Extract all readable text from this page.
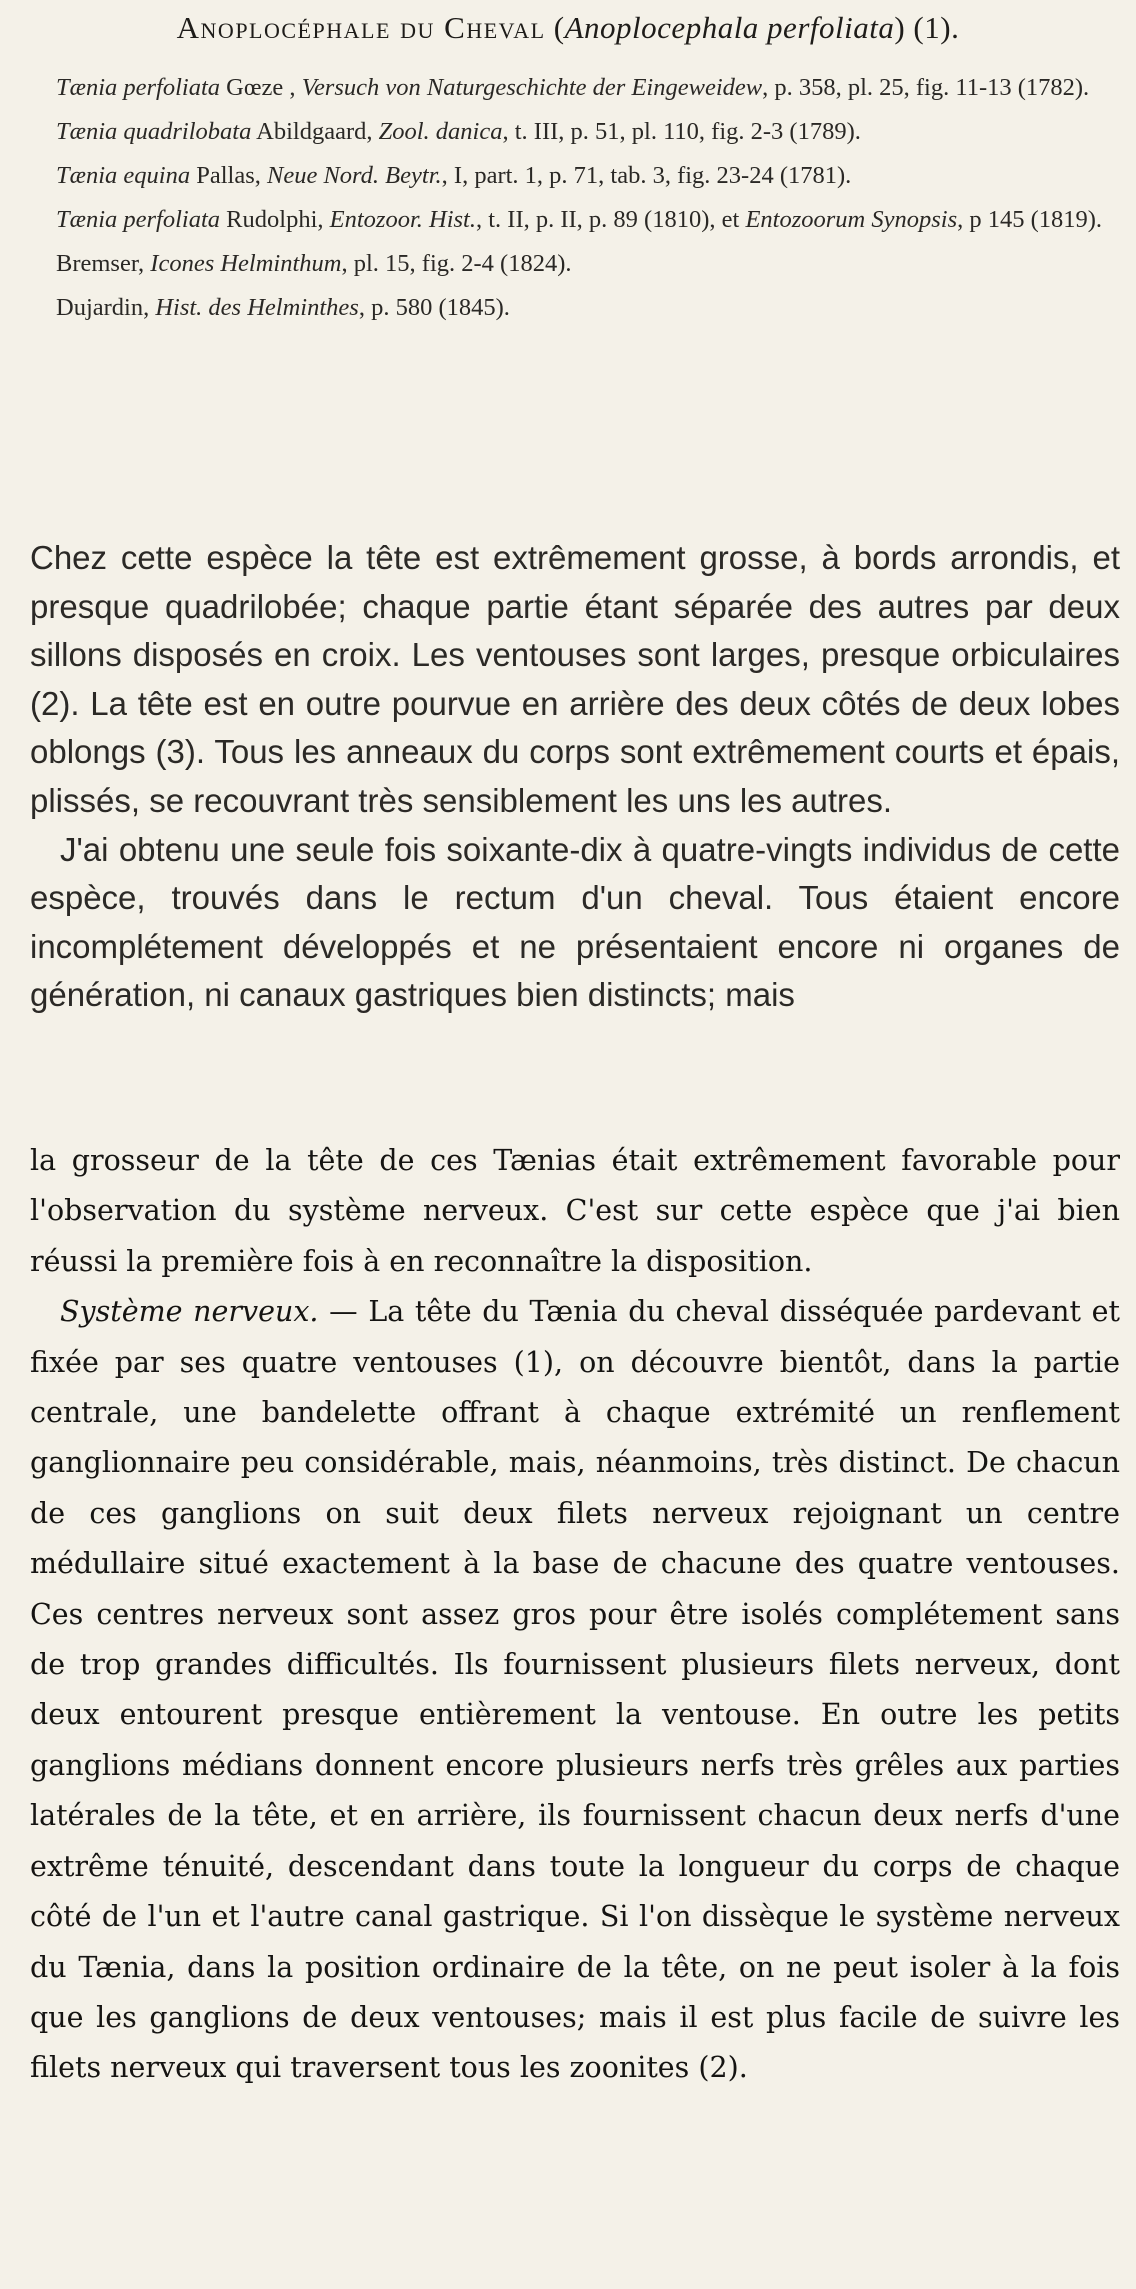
Anoplocéphale du Cheval (Anoplocephala perfoliata) (1).

Tænia perfoliata Gœze , Versuch von Naturgeschichte der Eingeweidew, p. 358, pl. 25, fig. 11-13 (1782).

Tænia quadrilobata Abildgaard, Zool. danica, t. III, p. 51, pl. 110, fig. 2-3 (1789).

Tænia equina Pallas, Neue Nord. Beytr., I, part. 1, p. 71, tab. 3, fig. 23-24 (1781).

Tænia perfoliata Rudolphi, Entozoor. Hist., t. II, p. II, p. 89 (1810), et Entozoorum Synopsis, p 145 (1819).

Bremser, Icones Helminthum, pl. 15, fig. 2-4 (1824).

Dujardin, Hist. des Helminthes, p. 580 (1845).

Chez cette espèce la tête est extrêmement grosse, à bords arrondis, et presque quadrilobée; chaque partie étant séparée des autres par deux sillons disposés en croix. Les ventouses sont larges, presque orbiculaires (2). La tête est en outre pourvue en arrière des deux côtés de deux lobes oblongs (3). Tous les anneaux du corps sont extrêmement courts et épais, plissés, se recouvrant très sensiblement les uns les autres.

J'ai obtenu une seule fois soixante-dix à quatre-vingts individus de cette espèce, trouvés dans le rectum d'un cheval. Tous étaient encore incomplétement développés et ne présentaient encore ni organes de génération, ni canaux gastriques bien distincts; mais

la grosseur de la tête de ces Tænias était extrêmement favorable pour l'observation du système nerveux. C'est sur cette espèce que j'ai bien réussi la première fois à en reconnaître la disposition.

Système nerveux. — La tête du Tænia du cheval disséquée pardevant et fixée par ses quatre ventouses (1), on découvre bientôt, dans la partie centrale, une bandelette offrant à chaque extrémité un renflement ganglionnaire peu considérable, mais, néanmoins, très distinct. De chacun de ces ganglions on suit deux filets nerveux rejoignant un centre médullaire situé exactement à la base de chacune des quatre ventouses. Ces centres nerveux sont assez gros pour être isolés complétement sans de trop grandes difficultés. Ils fournissent plusieurs filets nerveux, dont deux entourent presque entièrement la ventouse. En outre les petits ganglions médians donnent encore plusieurs nerfs très grêles aux parties latérales de la tête, et en arrière, ils fournissent chacun deux nerfs d'une extrême ténuité, descendant dans toute la longueur du corps de chaque côté de l'un et l'autre canal gastrique. Si l'on dissèque le système nerveux du Tænia, dans la position ordinaire de la tête, on ne peut isoler à la fois que les ganglions de deux ventouses; mais il est plus facile de suivre les filets nerveux qui traversent tous les zoonites (2).
